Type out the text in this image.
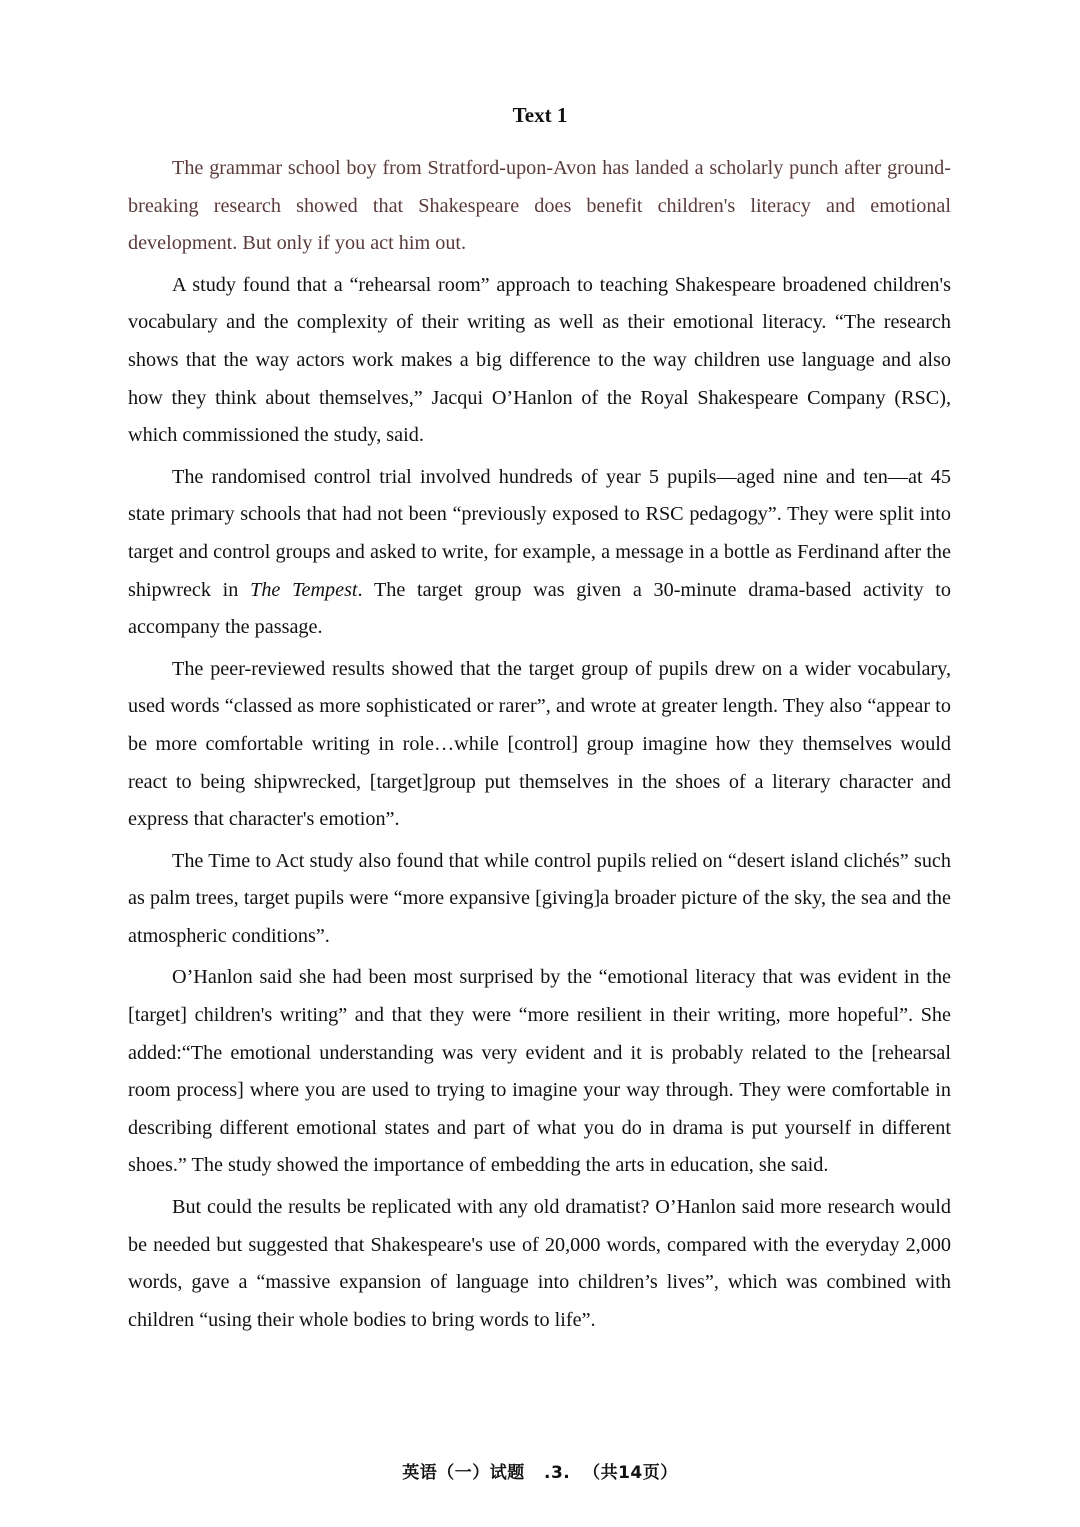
Text 1

The grammar school boy from Stratford-upon-Avon has landed a scholarly punch after ground-breaking research showed that Shakespeare does benefit children's literacy and emotional development. But only if you act him out.

A study found that a “rehearsal room” approach to teaching Shakespeare broadened children's vocabulary and the complexity of their writing as well as their emotional literacy. “The research shows that the way actors work makes a big difference to the way children use language and also how they think about themselves,” Jacqui O’Hanlon of the Royal Shakespeare Company (RSC), which commissioned the study, said.

The randomised control trial involved hundreds of year 5 pupils—aged nine and ten—at 45 state primary schools that had not been “previously exposed to RSC pedagogy”. They were split into target and control groups and asked to write, for example, a message in a bottle as Ferdinand after the shipwreck in The Tempest. The target group was given a 30-minute drama-based activity to accompany the passage.

The peer-reviewed results showed that the target group of pupils drew on a wider vocabulary, used words “classed as more sophisticated or rarer”, and wrote at greater length. They also “appear to be more comfortable writing in role…while [control] group imagine how they themselves would react to being shipwrecked, [target]group put themselves in the shoes of a literary character and express that character's emotion”.

The Time to Act study also found that while control pupils relied on “desert island clichés” such as palm trees, target pupils were “more expansive [giving]a broader picture of the sky, the sea and the atmospheric conditions”.

O’Hanlon said she had been most surprised by the “emotional literacy that was evident in the [target] children's writing” and that they were “more resilient in their writing, more hopeful”. She added:“The emotional understanding was very evident and it is probably related to the [rehearsal room process] where you are used to trying to imagine your way through. They were comfortable in describing different emotional states and part of what you do in drama is put yourself in different shoes.” The study showed the importance of embedding the arts in education, she said.

But could the results be replicated with any old dramatist? O’Hanlon said more research would be needed but suggested that Shakespeare's use of 20,000 words, compared with the everyday 2,000 words, gave a “massive expansion of language into children’s lives”, which was combined with children “using their whole bodies to bring words to life”.

英语（一）试题 .3. （共14页）
